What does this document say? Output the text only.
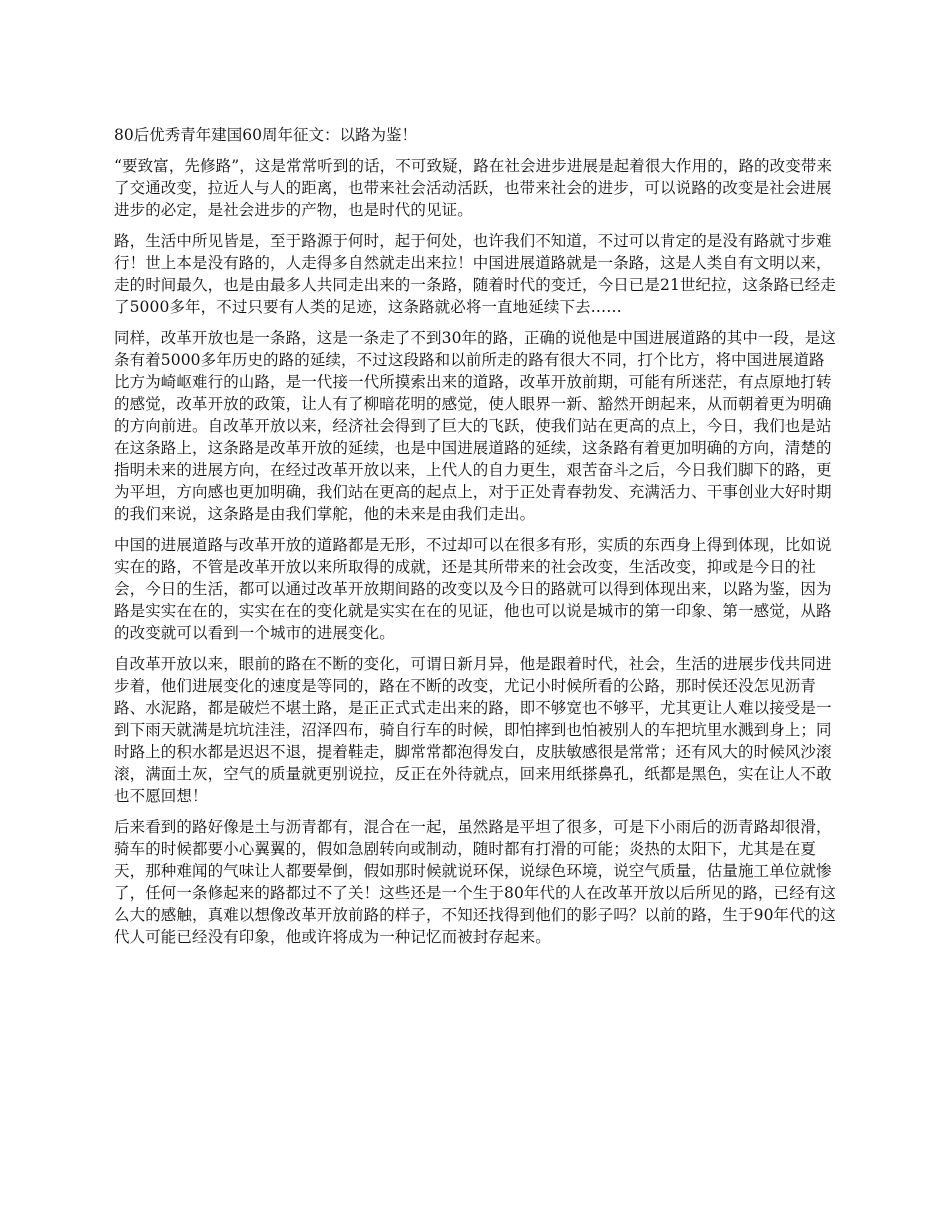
80后优秀青年建国60周年征文：以路为鉴！

“要致富，先修路”，这是常常听到的话，不可致疑，路在社会进步进展是起着很大作用的，路的改变带来了交通改变，拉近人与人的距离，也带来社会活动活跃，也带来社会的进步，可以说路的改变是社会进展进步的必定，是社会进步的产物，也是时代的见证。

路，生活中所见皆是，至于路源于何时，起于何处，也许我们不知道，不过可以肯定的是没有路就寸步难行！世上本是没有路的，人走得多自然就走出来拉！中国进展道路就是一条路，这是人类自有文明以来，走的时间最久，也是由最多人共同走出来的一条路，随着时代的变迁，今日已是21世纪拉，这条路已经走了5000多年，不过只要有人类的足迹，这条路就必将一直地延续下去……

同样，改革开放也是一条路，这是一条走了不到30年的路，正确的说他是中国进展道路的其中一段，是这条有着5000多年历史的路的延续，不过这段路和以前所走的路有很大不同，打个比方，将中国进展道路比方为崎岖难行的山路，是一代接一代所摸索出来的道路，改革开放前期，可能有所迷茫，有点原地打转的感觉，改革开放的政策，让人有了柳暗花明的感觉，使人眼界一新、豁然开朗起来，从而朝着更为明确的方向前进。自改革开放以来，经济社会得到了巨大的飞跃，使我们站在更高的点上，今日，我们也是站在这条路上，这条路是改革开放的延续，也是中国进展道路的延续，这条路有着更加明确的方向，清楚的指明未来的进展方向，在经过改革开放以来，上代人的自力更生，艰苦奋斗之后，今日我们脚下的路，更为平坦，方向感也更加明确，我们站在更高的起点上，对于正处青春勃发、充满活力、干事创业大好时期的我们来说，这条路是由我们掌舵，他的未来是由我们走出。

中国的进展道路与改革开放的道路都是无形，不过却可以在很多有形，实质的东西身上得到体现，比如说实在的路，不管是改革开放以来所取得的成就，还是其所带来的社会改变，生活改变，抑或是今日的社会，今日的生活，都可以通过改革开放期间路的改变以及今日的路就可以得到体现出来，以路为鉴，因为路是实实在在的，实实在在的变化就是实实在在的见证，他也可以说是城市的第一印象、第一感觉，从路的改变就可以看到一个城市的进展变化。

自改革开放以来，眼前的路在不断的变化，可谓日新月异，他是跟着时代，社会，生活的进展步伐共同进步着，他们进展变化的速度是等同的，路在不断的改变，尤记小时候所看的公路，那时侯还没怎见沥青路、水泥路，都是破烂不堪土路，是正正式式走出来的路，即不够宽也不够平，尤其更让人难以接受是一到下雨天就满是坑坑洼洼，沼泽四布，骑自行车的时候，即怕摔到也怕被别人的车把坑里水溅到身上；同时路上的积水都是迟迟不退，提着鞋走，脚常常都泡得发白，皮肤敏感很是常常；还有风大的时候风沙滚滚，满面土灰，空气的质量就更别说拉，反正在外待就点，回来用纸搽鼻孔，纸都是黑色，实在让人不敢也不愿回想！

后来看到的路好像是土与沥青都有，混合在一起，虽然路是平坦了很多，可是下小雨后的沥青路却很滑，骑车的时候都要小心翼翼的，假如急剧转向或制动，随时都有打滑的可能；炎热的太阳下，尤其是在夏天，那种难闻的气味让人都要晕倒，假如那时候就说环保，说绿色环境，说空气质量，估量施工单位就惨了，任何一条修起来的路都过不了关！这些还是一个生于80年代的人在改革开放以后所见的路，已经有这么大的感触，真难以想像改革开放前路的样子，不知还找得到他们的影子吗？以前的路，生于90年代的这代人可能已经没有印象，他或许将成为一种记忆而被封存起来。
